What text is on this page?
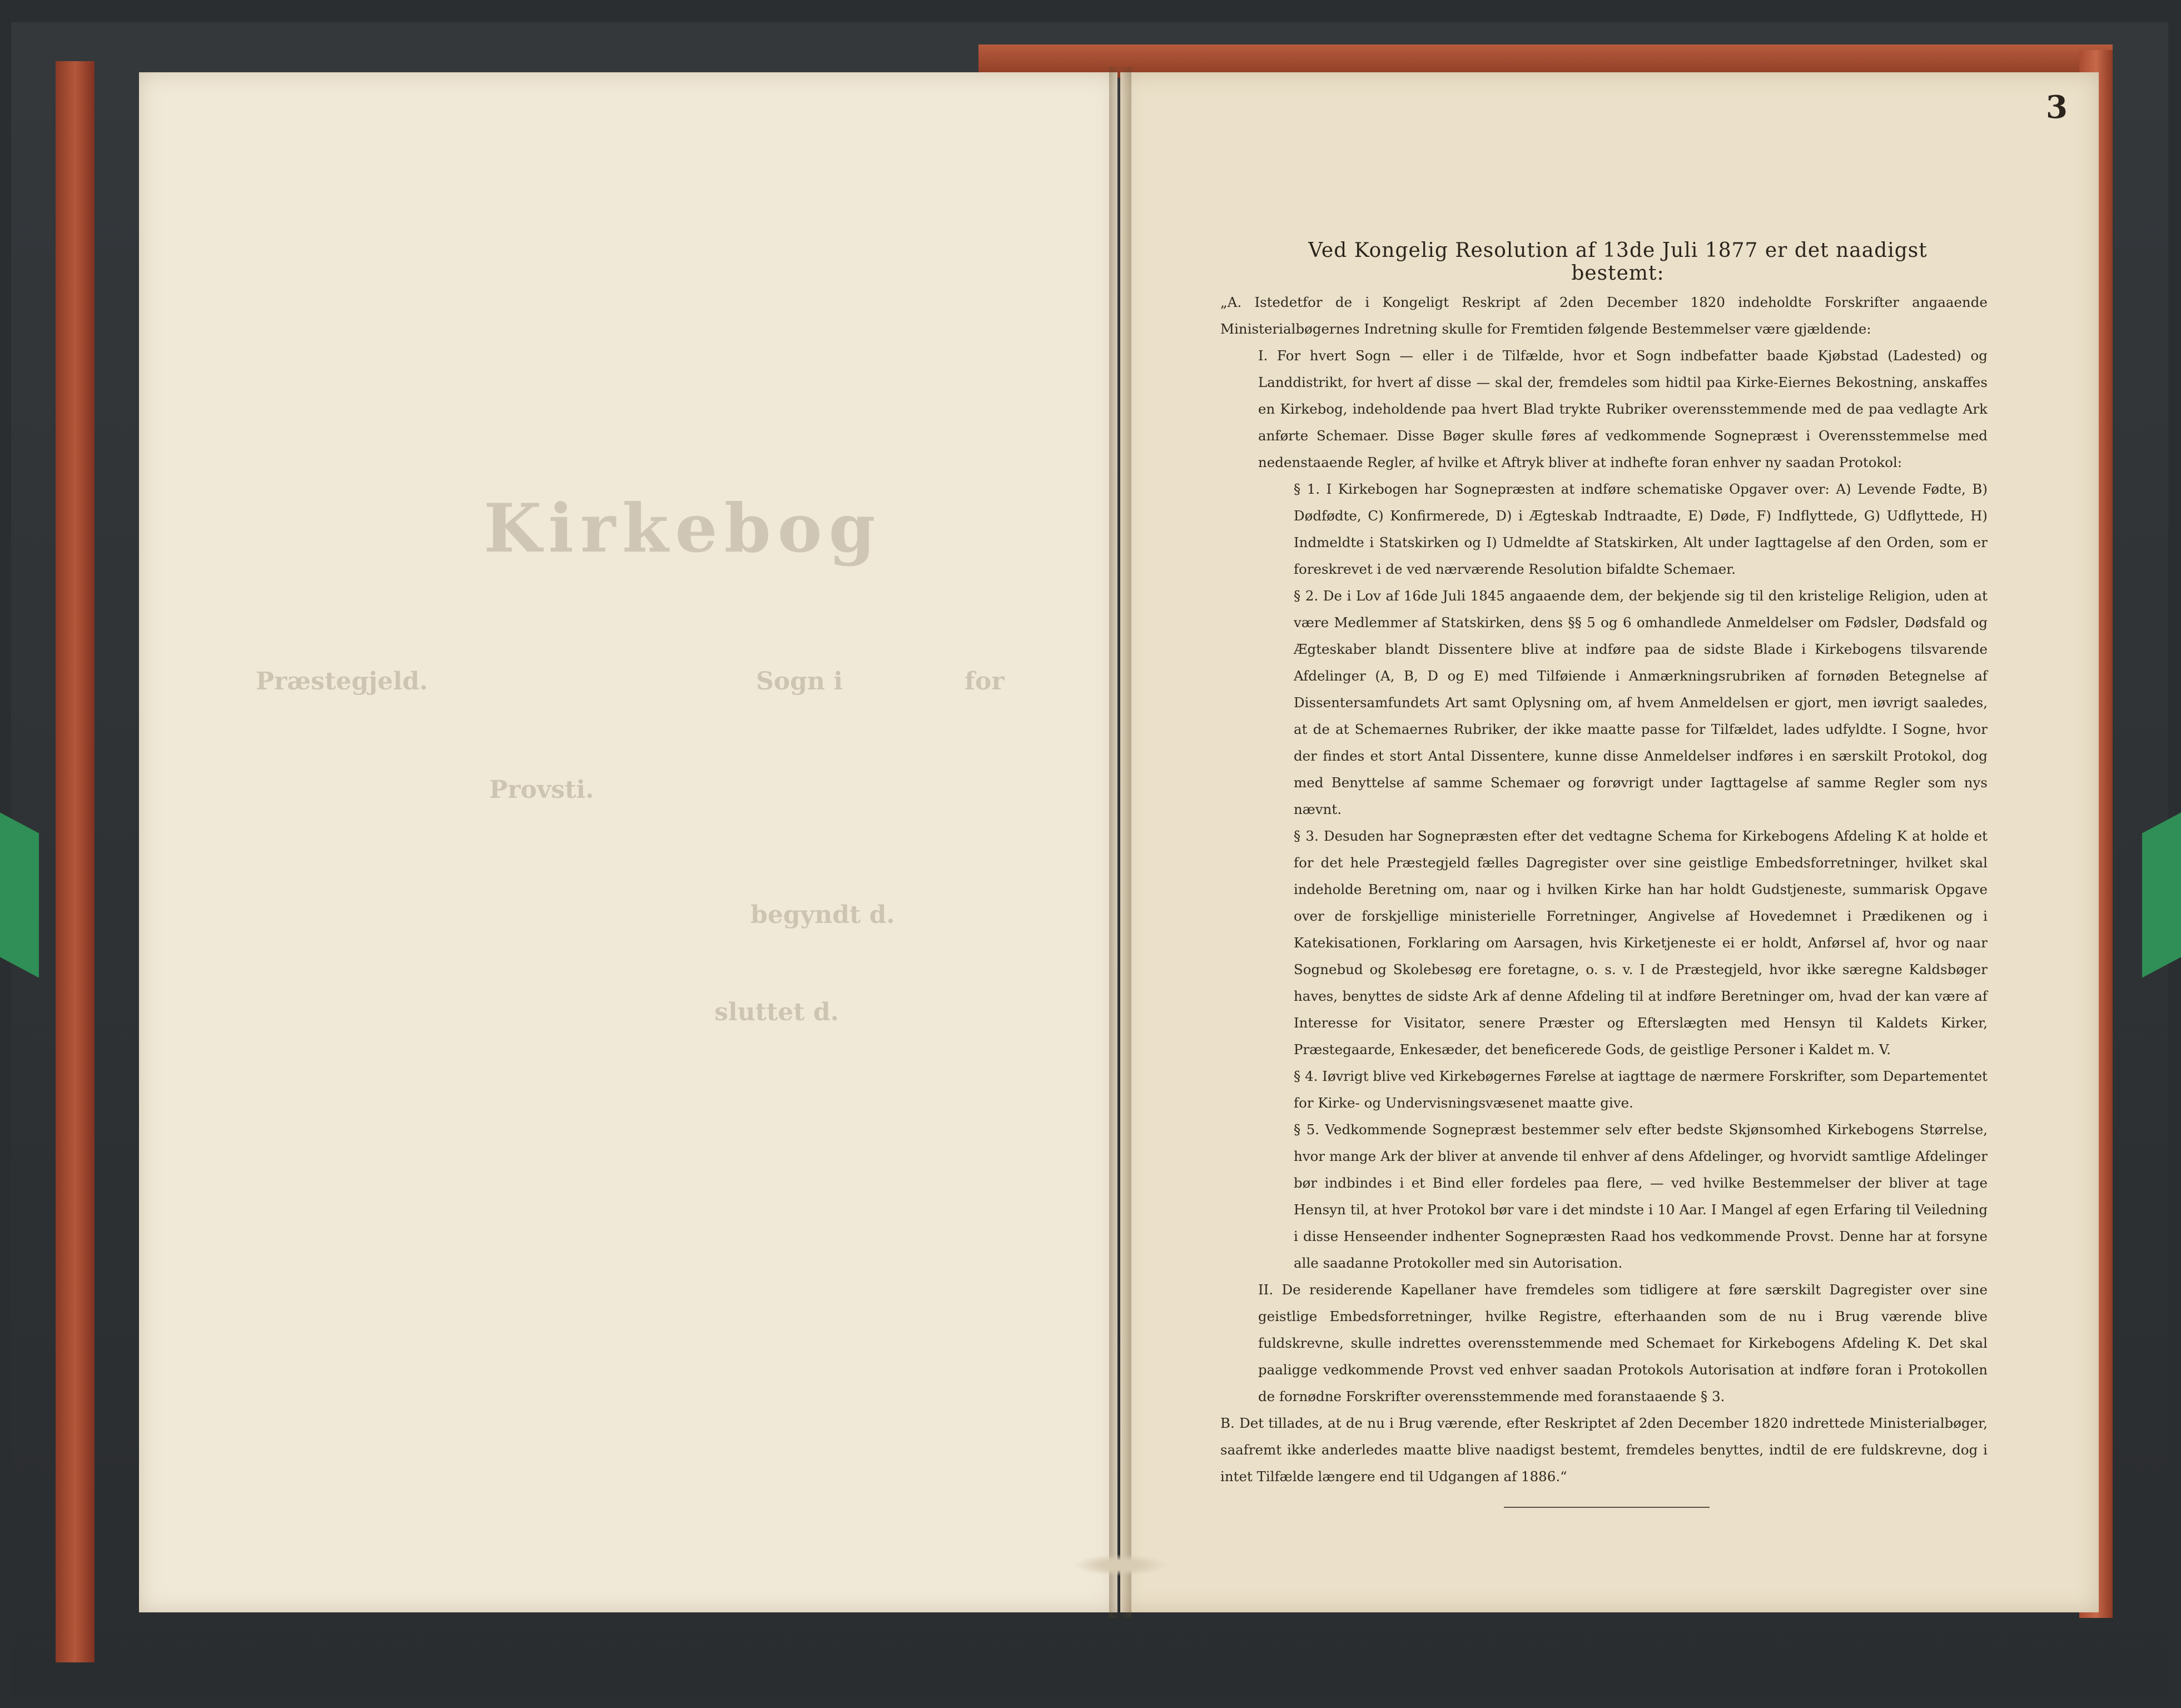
Kirkebog
for
Sogn i
Præstegjeld.
Provsti.
begyndt d.
sluttet d.
3
Ved Kongelig Resolution af 13de Juli 1877 er det naadigst bestemt:

„A. Istedetfor de i Kongeligt Reskript af 2den December 1820 indeholdte Forskrifter angaaende Ministerialbøgernes Indretning skulle for Fremtiden følgende Bestemmelser være gjældende:

I. For hvert Sogn — eller i de Tilfælde, hvor et Sogn indbefatter baade Kjøbstad (Ladested) og Landdistrikt, for hvert af disse — skal der, fremdeles som hidtil paa Kirke-Eiernes Bekostning, anskaffes en Kirkebog, indeholdende paa hvert Blad trykte Rubriker overensstemmende med de paa vedlagte Ark anførte Schemaer. Disse Bøger skulle føres af vedkommende Sognepræst i Overensstemmelse med nedenstaaende Regler, af hvilke et Aftryk bliver at indhefte foran enhver ny saadan Protokol:

§ 1. I Kirkebogen har Sognepræsten at indføre schematiske Opgaver over: A) Levende Fødte, B) Dødfødte, C) Konfirmerede, D) i Ægteskab Indtraadte, E) Døde, F) Indflyttede, G) Udflyttede, H) Indmeldte i Statskirken og I) Udmeldte af Statskirken, Alt under Iagttagelse af den Orden, som er foreskrevet i de ved nærværende Resolution bifaldte Schemaer.

§ 2. De i Lov af 16de Juli 1845 angaaende dem, der bekjende sig til den kristelige Religion, uden at være Medlemmer af Statskirken, dens §§ 5 og 6 omhandlede Anmeldelser om Fødsler, Dødsfald og Ægteskaber blandt Dissentere blive at indføre paa de sidste Blade i Kirkebogens tilsvarende Afdelinger (A, B, D og E) med Tilføiende i Anmærkningsrubriken af fornøden Betegnelse af Dissentersamfundets Art samt Oplysning om, af hvem Anmeldelsen er gjort, men iøvrigt saaledes, at de at Schemaernes Rubriker, der ikke maatte passe for Tilfældet, lades udfyldte. I Sogne, hvor der findes et stort Antal Dissentere, kunne disse Anmeldelser indføres i en særskilt Protokol, dog med Benyttelse af samme Schemaer og forøvrigt under Iagttagelse af samme Regler som nys nævnt.

§ 3. Desuden har Sognepræsten efter det vedtagne Schema for Kirkebogens Afdeling K at holde et for det hele Præstegjeld fælles Dagregister over sine geistlige Embedsforretninger, hvilket skal indeholde Beretning om, naar og i hvilken Kirke han har holdt Gudstjeneste, summarisk Opgave over de forskjellige ministerielle Forretninger, Angivelse af Hovedemnet i Prædikenen og i Katekisationen, Forklaring om Aarsagen, hvis Kirketjeneste ei er holdt, Anførsel af, hvor og naar Sognebud og Skolebesøg ere foretagne, o. s. v. I de Præstegjeld, hvor ikke særegne Kaldsbøger haves, benyttes de sidste Ark af denne Afdeling til at indføre Beretninger om, hvad der kan være af Interesse for Visitator, senere Præster og Efterslægten med Hensyn til Kaldets Kirker, Præstegaarde, Enkesæder, det beneficerede Gods, de geistlige Personer i Kaldet m. V.

§ 4. Iøvrigt blive ved Kirkebøgernes Førelse at iagttage de nærmere Forskrifter, som Departementet for Kirke- og Undervisningsvæsenet maatte give.

§ 5. Vedkommende Sognepræst bestemmer selv efter bedste Skjønsomhed Kirkebogens Størrelse, hvor mange Ark der bliver at anvende til enhver af dens Afdelinger, og hvorvidt samtlige Afdelinger bør indbindes i et Bind eller fordeles paa flere, — ved hvilke Bestemmelser der bliver at tage Hensyn til, at hver Protokol bør vare i det mindste i 10 Aar. I Mangel af egen Erfaring til Veiledning i disse Henseender indhenter Sognepræsten Raad hos vedkommende Provst. Denne har at forsyne alle saadanne Protokoller med sin Autorisation.

II. De residerende Kapellaner have fremdeles som tidligere at føre særskilt Dagregister over sine geistlige Embedsforretninger, hvilke Registre, efterhaanden som de nu i Brug værende blive fuldskrevne, skulle indrettes overensstemmende med Schemaet for Kirkebogens Afdeling K. Det skal paaligge vedkommende Provst ved enhver saadan Protokols Autorisation at indføre foran i Protokollen de fornødne Forskrifter overensstemmende med foranstaaende § 3.

B. Det tillades, at de nu i Brug værende, efter Reskriptet af 2den December 1820 indrettede Ministerialbøger, saafremt ikke anderledes maatte blive naadigst bestemt, fremdeles benyttes, indtil de ere fuldskrevne, dog i intet Tilfælde længere end til Udgangen af 1886.“
